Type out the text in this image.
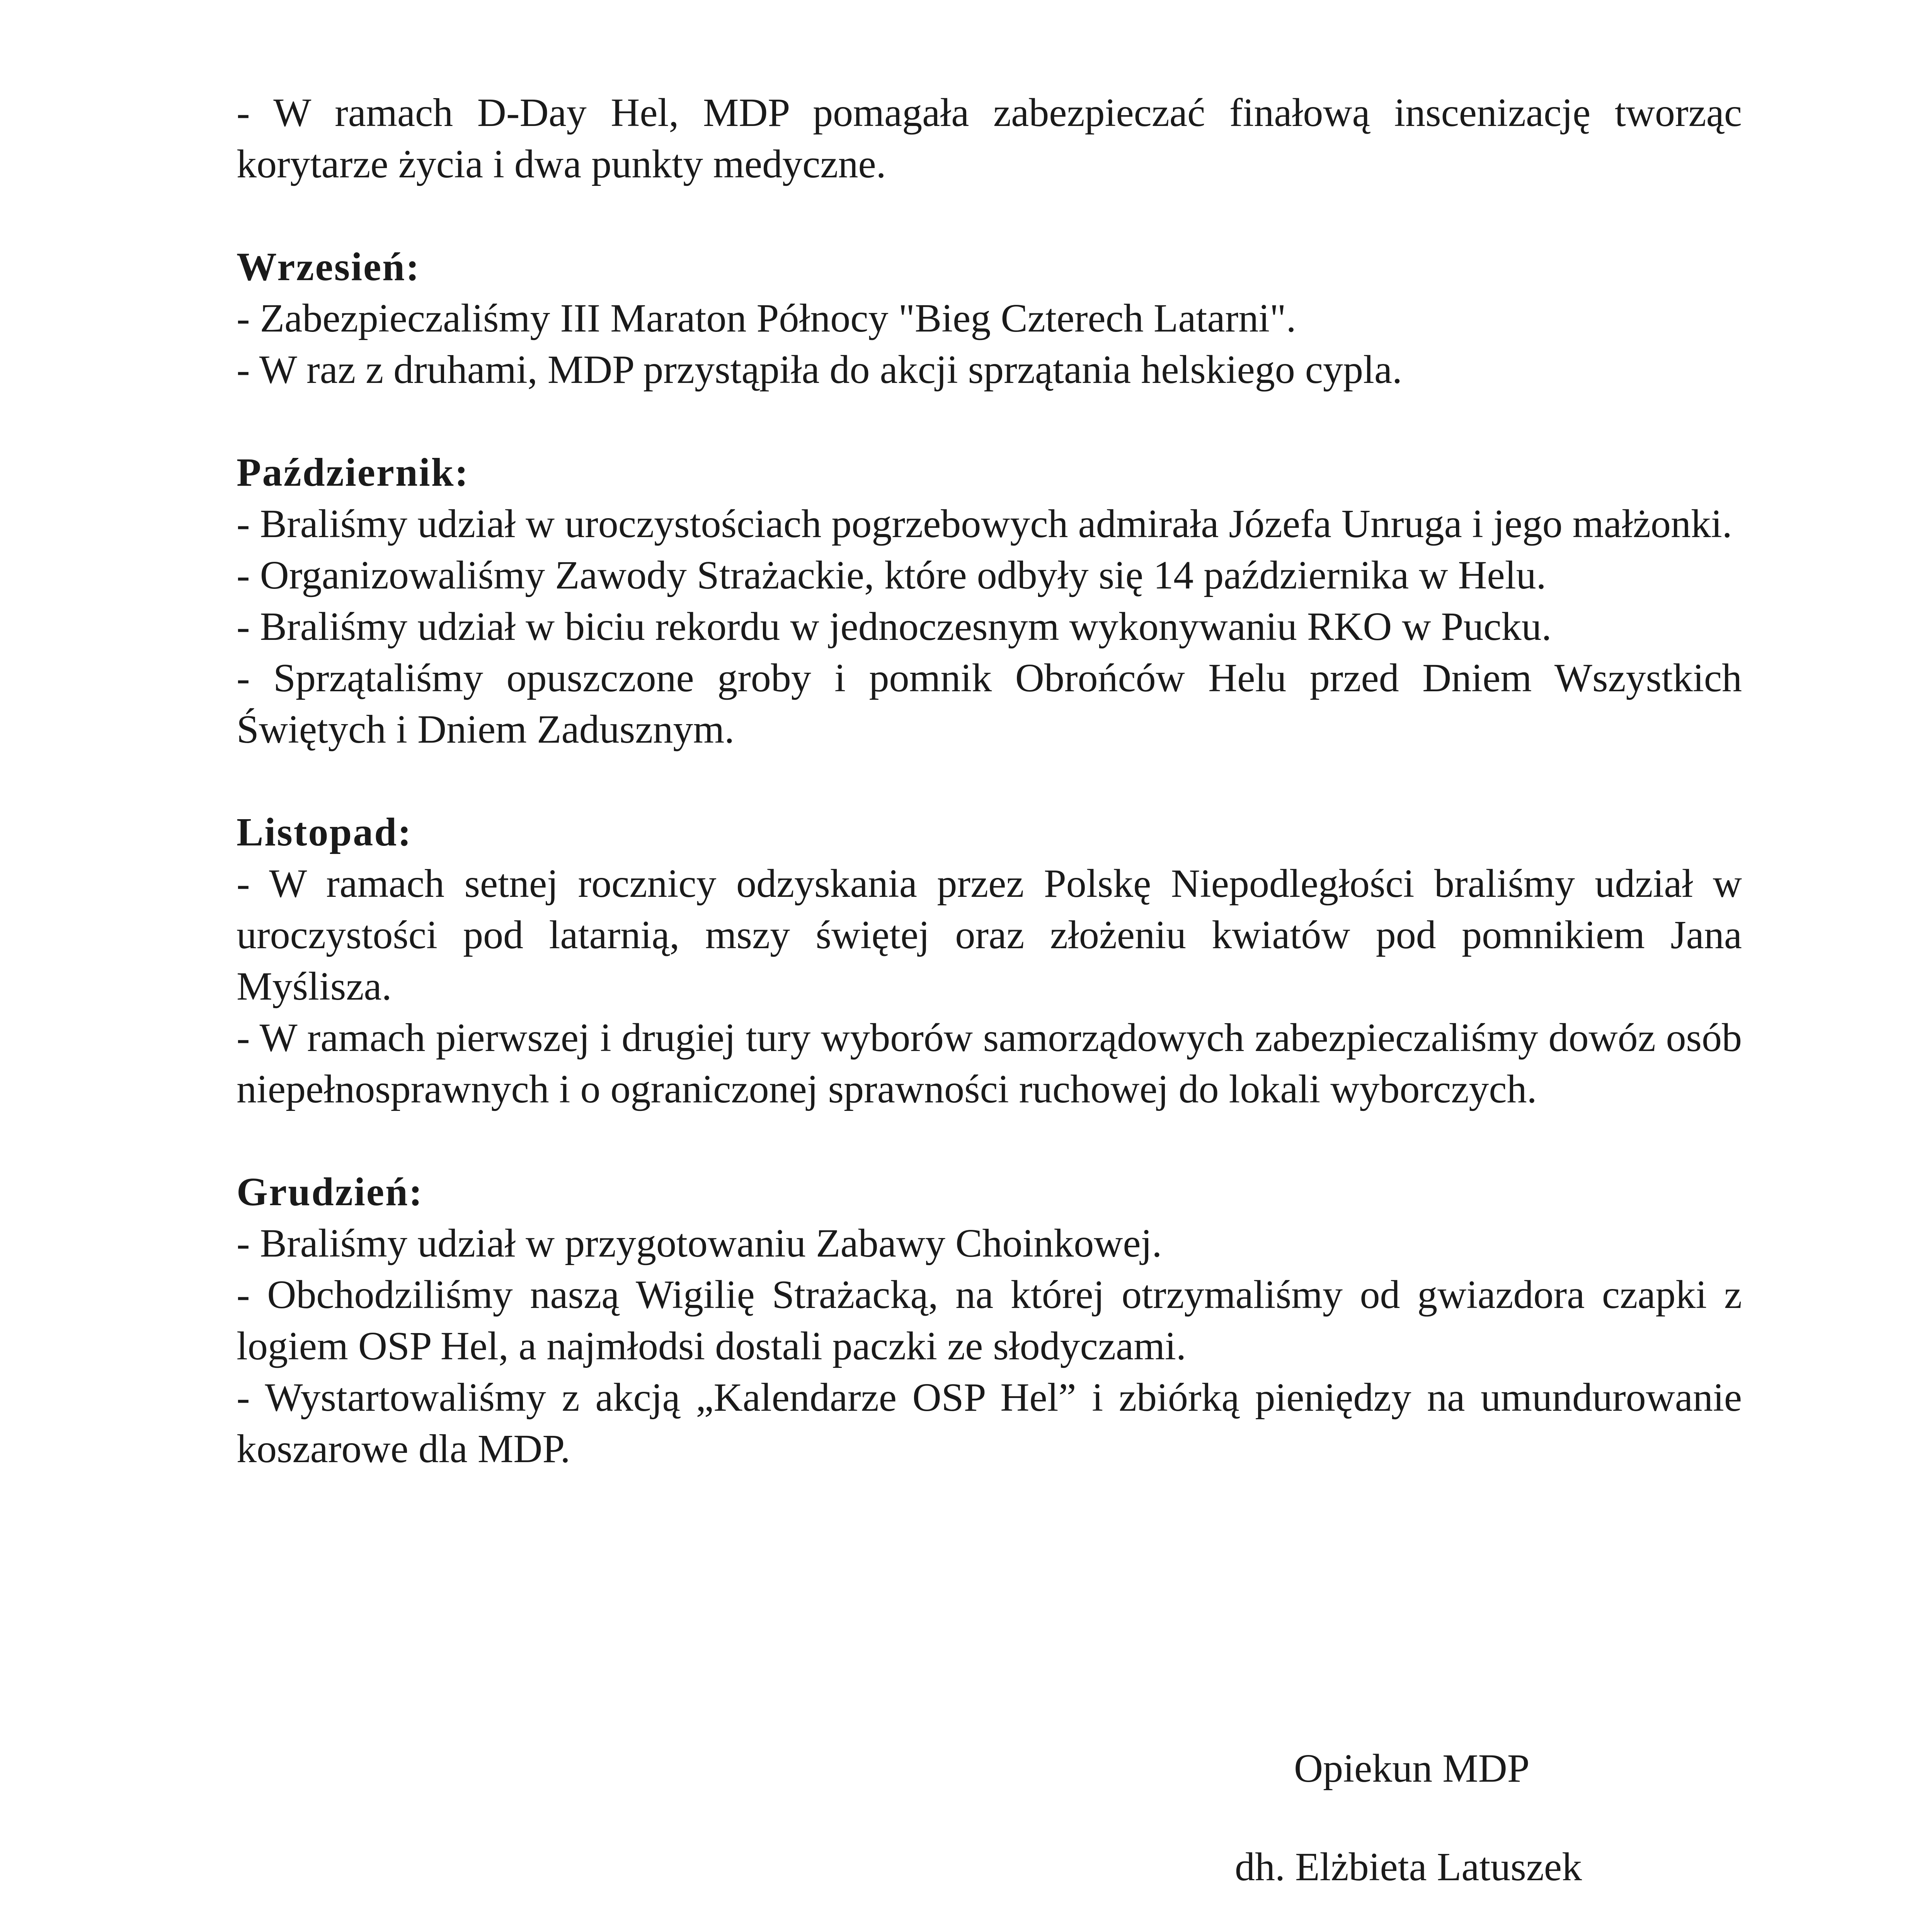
- W ramach D-Day Hel, MDP pomagała zabezpieczać finałową inscenizację tworząc korytarze życia i dwa punkty medyczne.

Wrzesień:

- Zabezpieczaliśmy III Maraton Północy "Bieg Czterech Latarni".

- W raz z druhami, MDP przystąpiła do akcji sprzątania helskiego cypla.

Październik:

- Braliśmy udział w uroczystościach pogrzebowych admirała Józefa Unruga i jego małżonki.

- Organizowaliśmy Zawody Strażackie, które odbyły się 14 października w Helu.

- Braliśmy udział w biciu rekordu w jednoczesnym wykonywaniu RKO w Pucku.

- Sprzątaliśmy opuszczone groby i pomnik Obrońców Helu przed Dniem Wszystkich Świętych i Dniem Zadusznym.

Listopad:

- W ramach setnej rocznicy odzyskania przez Polskę Niepodległości braliśmy udział w uroczystości pod latarnią, mszy świętej oraz złożeniu kwiatów pod pomnikiem Jana Myślisza.

- W ramach pierwszej i drugiej tury wyborów samorządowych zabezpieczaliśmy dowóz osób niepełnosprawnych i o ograniczonej sprawności ruchowej do lokali wyborczych.

Grudzień:

- Braliśmy udział w przygotowaniu Zabawy Choinkowej.

- Obchodziliśmy naszą Wigilię Strażacką, na której otrzymaliśmy od gwiazdora czapki z logiem OSP Hel, a najmłodsi dostali paczki ze słodyczami.

- Wystartowaliśmy z akcją „Kalendarze OSP Hel” i zbiórką pieniędzy na umundurowanie koszarowe dla MDP.

Opiekun MDP
dh. Elżbieta Latuszek
